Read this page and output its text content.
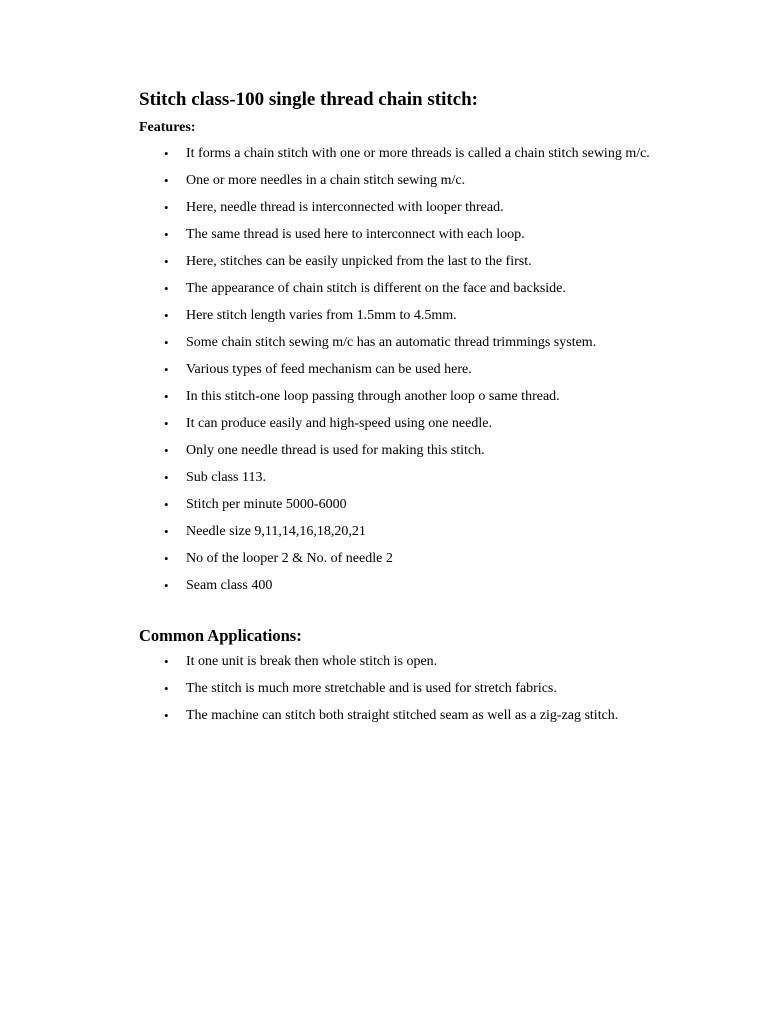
Stitch class-100 single thread chain stitch:
Features:
• It forms a chain stitch with one or more threads is called a chain stitch sewing m/c.
• One or more needles in a chain stitch sewing m/c.
• Here, needle thread is interconnected with looper thread.
• The same thread is used here to interconnect with each loop.
• Here, stitches can be easily unpicked from the last to the first.
• The appearance of chain stitch is different on the face and backside.
• Here stitch length varies from 1.5mm to 4.5mm.
• Some chain stitch sewing m/c has an automatic thread trimmings system.
• Various types of feed mechanism can be used here.
• In this stitch-one loop passing through another loop o same thread.
• It can produce easily and high-speed using one needle.
• Only one needle thread is used for making this stitch.
• Sub class 113.
• Stitch per minute 5000-6000
• Needle size 9,11,14,16,18,20,21
• No of the looper 2 & No. of needle 2
• Seam class 400
Common Applications:
• It one unit is break then whole stitch is open.
• The stitch is much more stretchable and is used for stretch fabrics.
• The machine can stitch both straight stitched seam as well as a zig-zag stitch.
